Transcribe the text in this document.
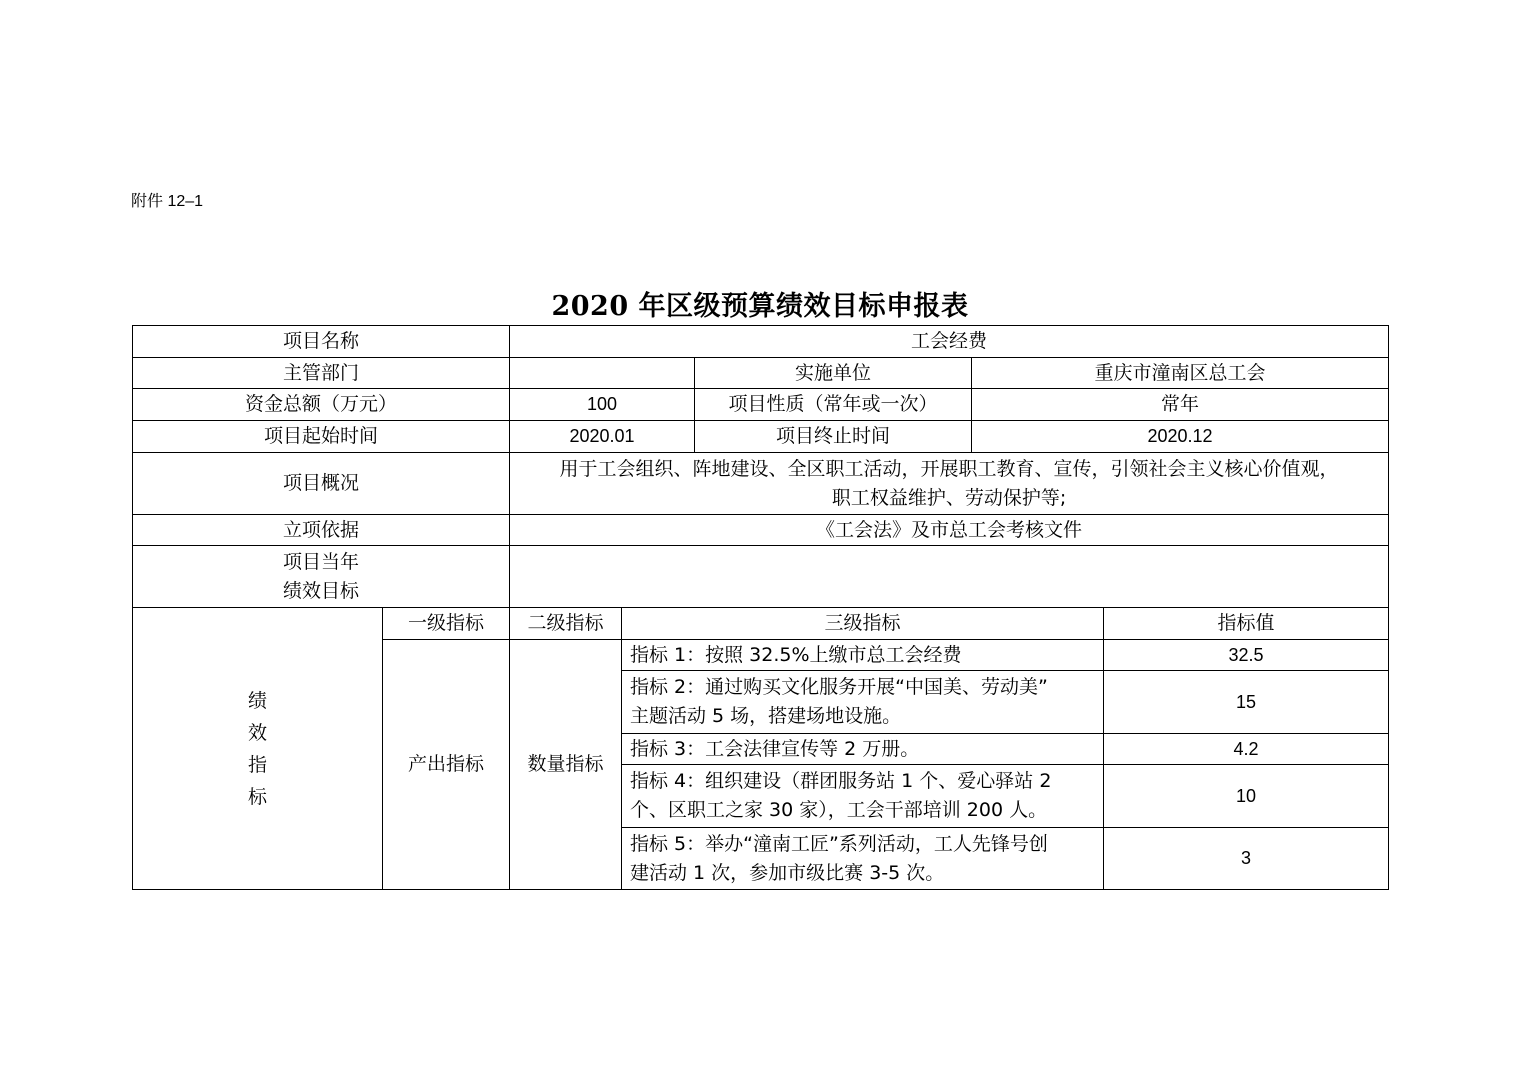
附件 12–1
2020 年区级预算绩效目标申报表
项目名称		工会经费				
主管部门				实施单位	重庆市潼南区总工会	
资金总额（万元）		100		项目性质（常年或一次）	常年	
项目起始时间		2020.01		项目终止时间	2020.12	
项目概况		用于工会组织、阵地建设、全区职工活动，开展职工教育、宣传，引领社会主义核心价值观，
职工权益维护、劳动保护等;				

立项依据		《工会法》及市总工会考核文件				

项目当年
绩效目标						

绩
效
指
标	一级指标	二级指标	三级指标			指标值
	产出指标	数量指标	指标 1：按照 32.5%上缴市总工会经费			32.5

			指标 2：通过购买文化服务开展“中国美、劳动美”
主题活动 5 场，搭建场地设施。			15

			指标 3：工会法律宣传等 2 万册。			4.2

			指标 4：组织建设（群团服务站 1 个、爱心驿站 2
个、区职工之家 30 家），工会干部培训 200 人。			10

			指标 5：举办“潼南工匠”系列活动，工人先锋号创
建活动 1 次，参加市级比赛 3-5 次。			3
